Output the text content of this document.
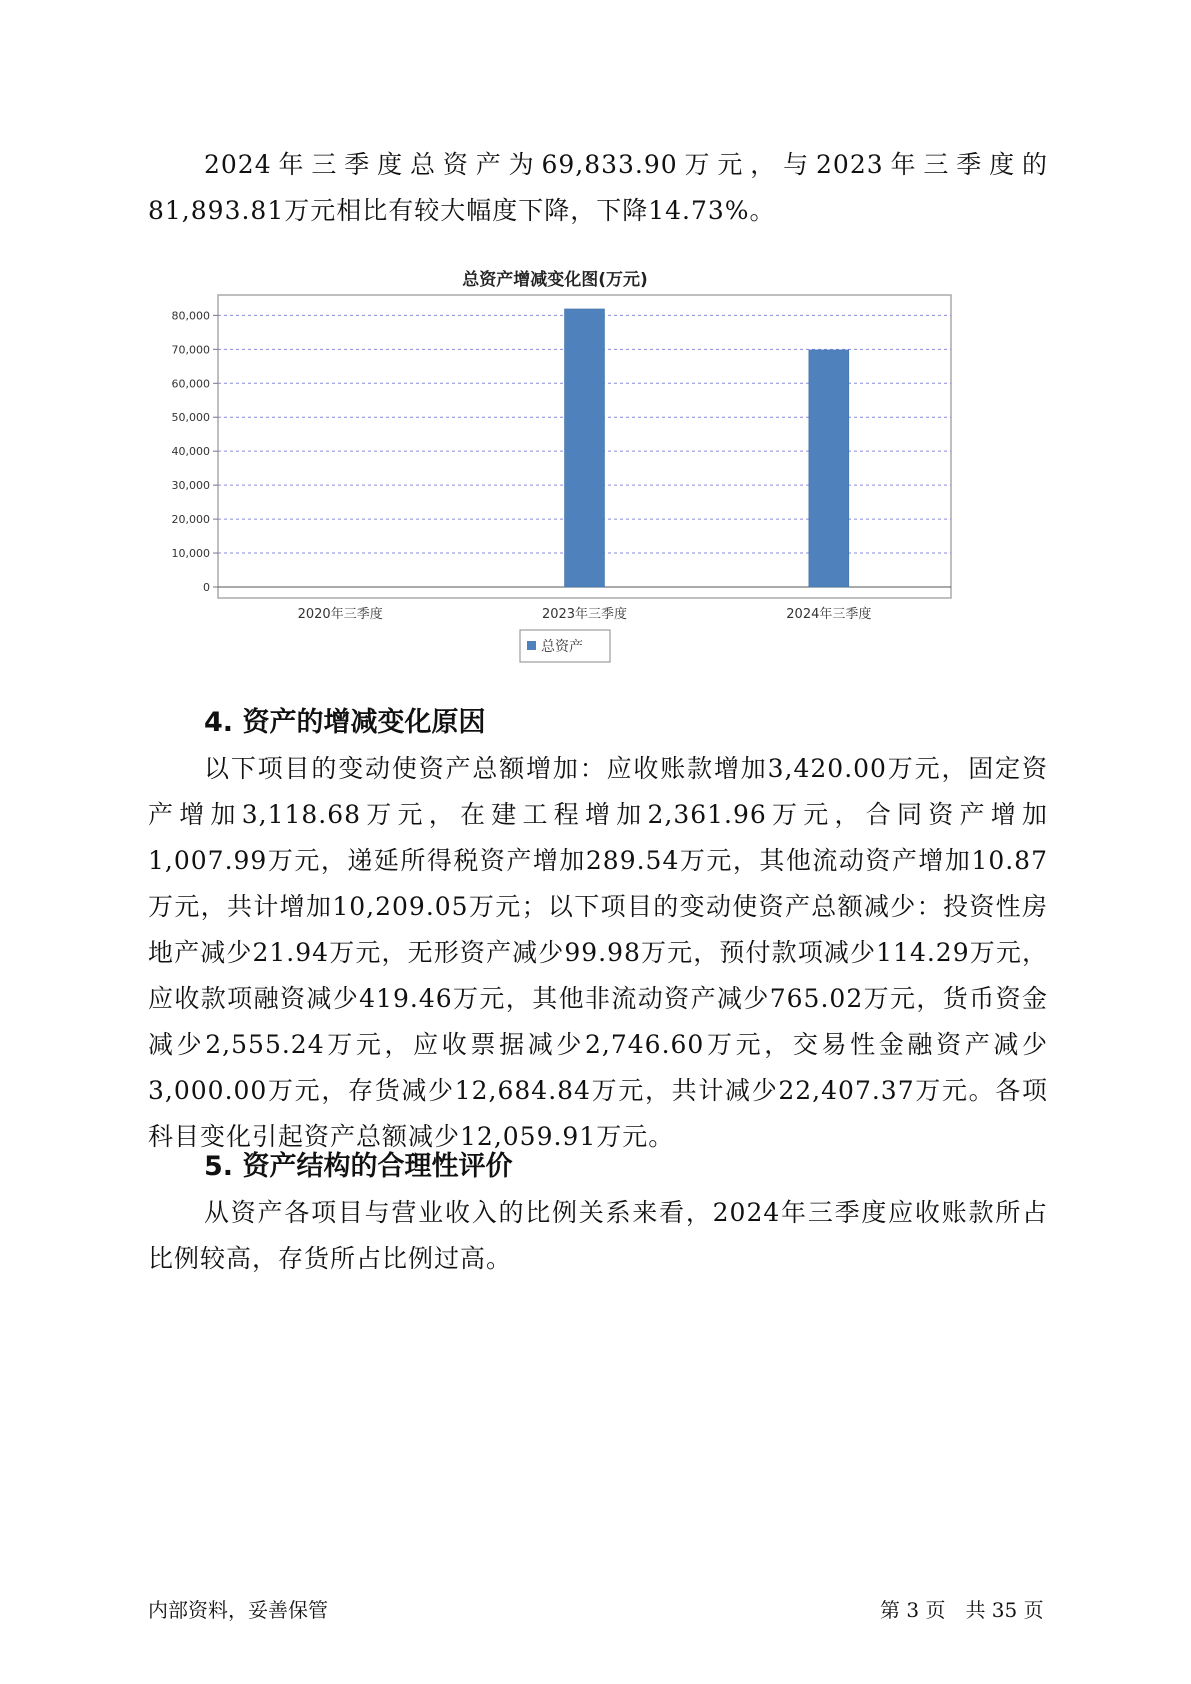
2024年三季度总资产为69,833.90万元，与2023年三季度的81,893.81万元相比有较大幅度下降，下降14.73%。

总资产增减变化图(万元)
0
10,000
20,000
30,000
40,000
50,000
60,000
70,000
80,000
2020年三季度	2023年三季度	2024年三季度
总资产
4. 资产的增减变化原因

以下项目的变动使资产总额增加：应收账款增加3,420.00万元，固定资产增加3,118.68万元，在建工程增加2,361.96万元，合同资产增加1,007.99万元，递延所得税资产增加289.54万元，其他流动资产增加10.87万元，共计增加10,209.05万元；以下项目的变动使资产总额减少：投资性房地产减少21.94万元，无形资产减少99.98万元，预付款项减少114.29万元，应收款项融资减少419.46万元，其他非流动资产减少765.02万元，货币资金减少2,555.24万元，应收票据减少2,746.60万元，交易性金融资产减少3,000.00万元，存货减少12,684.84万元，共计减少22,407.37万元。各项科目变化引起资产总额减少12,059.91万元。

5. 资产结构的合理性评价

从资产各项目与营业收入的比例关系来看，2024年三季度应收账款所占比例较高，存货所占比例过高。

内部资料，妥善保管	第 3 页　共 35 页
